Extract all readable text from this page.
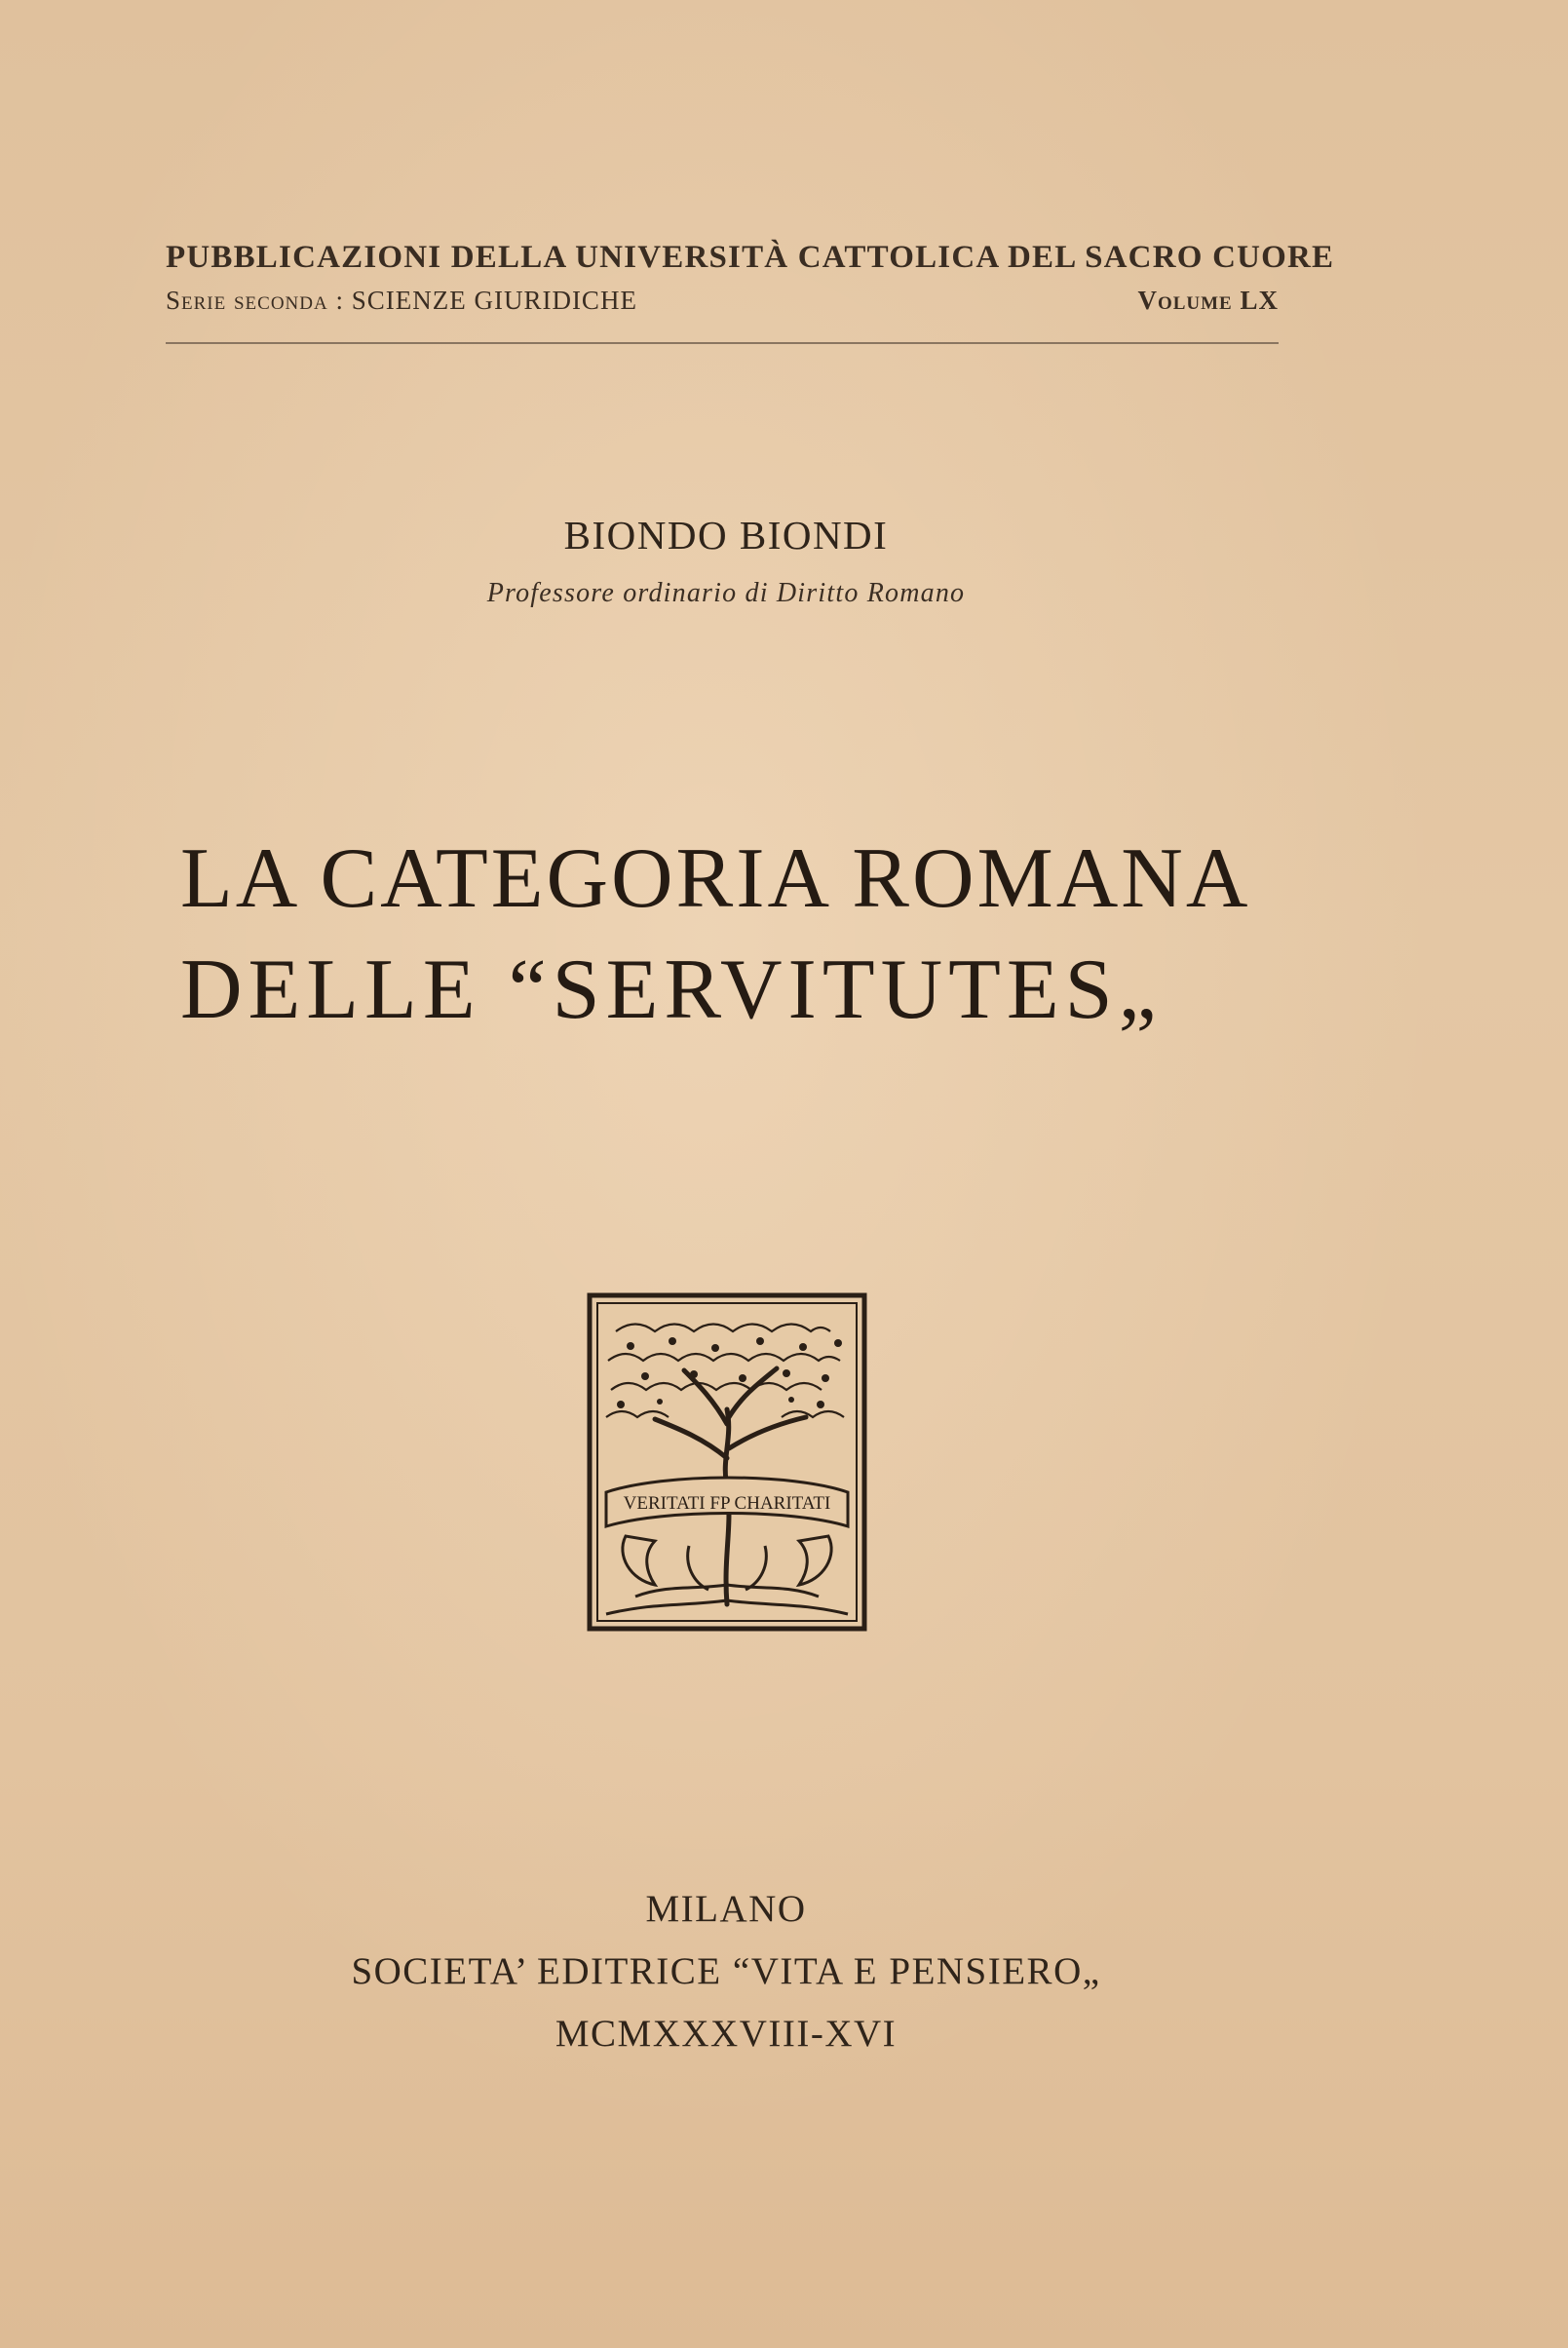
PUBBLICAZIONI DELLA UNIVERSITÀ CATTOLICA DEL SACRO CUORE
Serie seconda : SCIENZE GIURIDICHE	Volume LX
BIONDO BIONDI
Professore ordinario di Diritto Romano
LA CATEGORIA ROMANA
DELLE “SERVITUTES„
VERITATI FP CHARITATI
MILANO
SOCIETA’ EDITRICE “VITA E PENSIERO„
MCMXXXVIII-XVI
